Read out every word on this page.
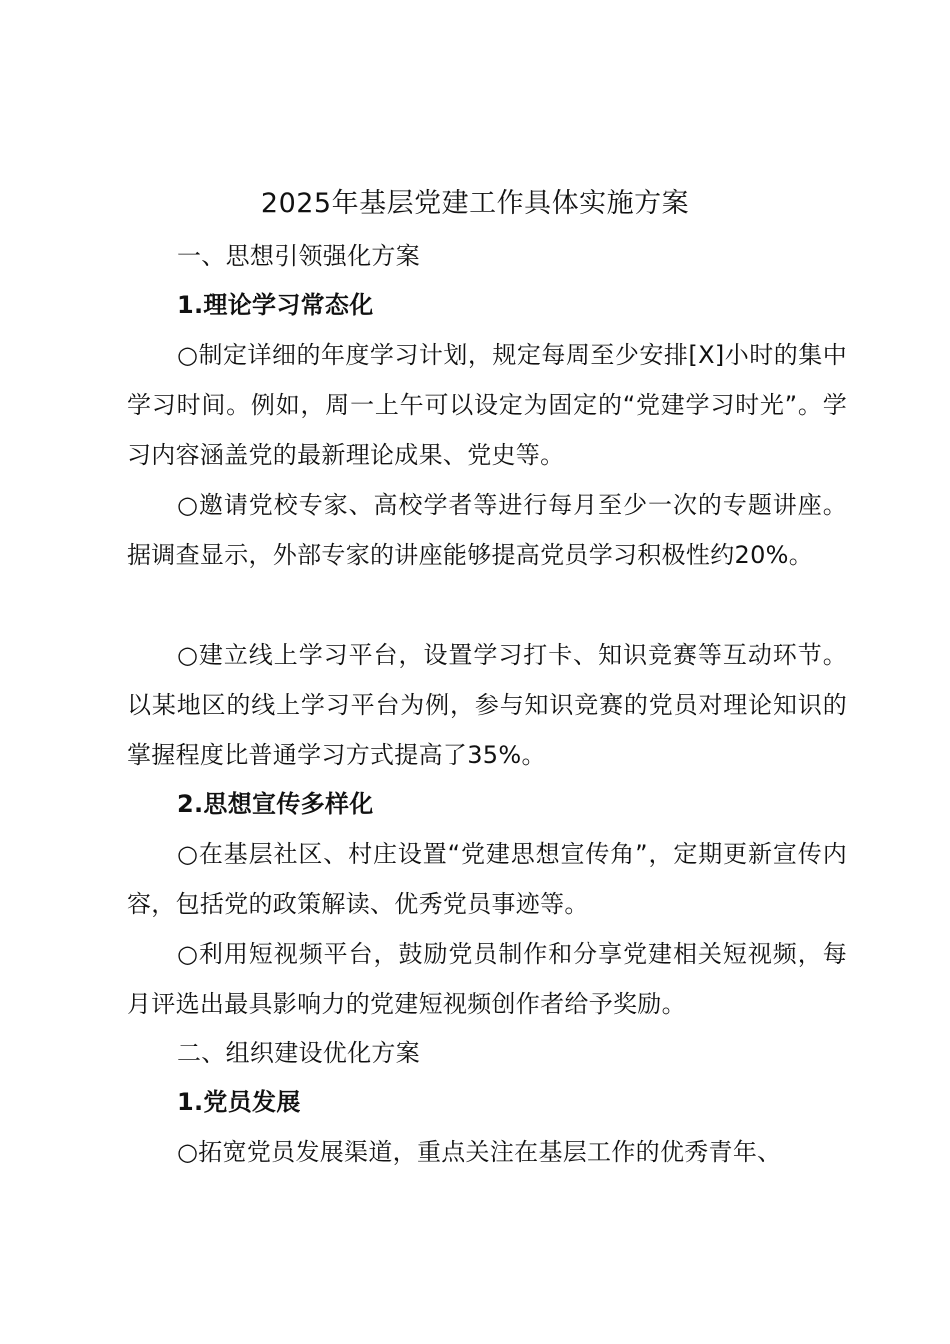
2025年基层党建工作具体实施方案

一、思想引领强化方案

1.理论学习常态化

○制定详细的年度学习计划，规定每周至少安排[X]小时的集中学习时间。例如，周一上午可以设定为固定的“党建学习时光”。学习内容涵盖党的最新理论成果、党史等。

○邀请党校专家、高校学者等进行每月至少一次的专题讲座。据调查显示，外部专家的讲座能够提高党员学习积极性约20%。

○建立线上学习平台，设置学习打卡、知识竞赛等互动环节。以某地区的线上学习平台为例，参与知识竞赛的党员对理论知识的掌握程度比普通学习方式提高了35%。

2.思想宣传多样化

○在基层社区、村庄设置“党建思想宣传角”，定期更新宣传内容，包括党的政策解读、优秀党员事迹等。

○利用短视频平台，鼓励党员制作和分享党建相关短视频，每月评选出最具影响力的党建短视频创作者给予奖励。

二、组织建设优化方案

1.党员发展

○拓宽党员发展渠道，重点关注在基层工作的优秀青年、
